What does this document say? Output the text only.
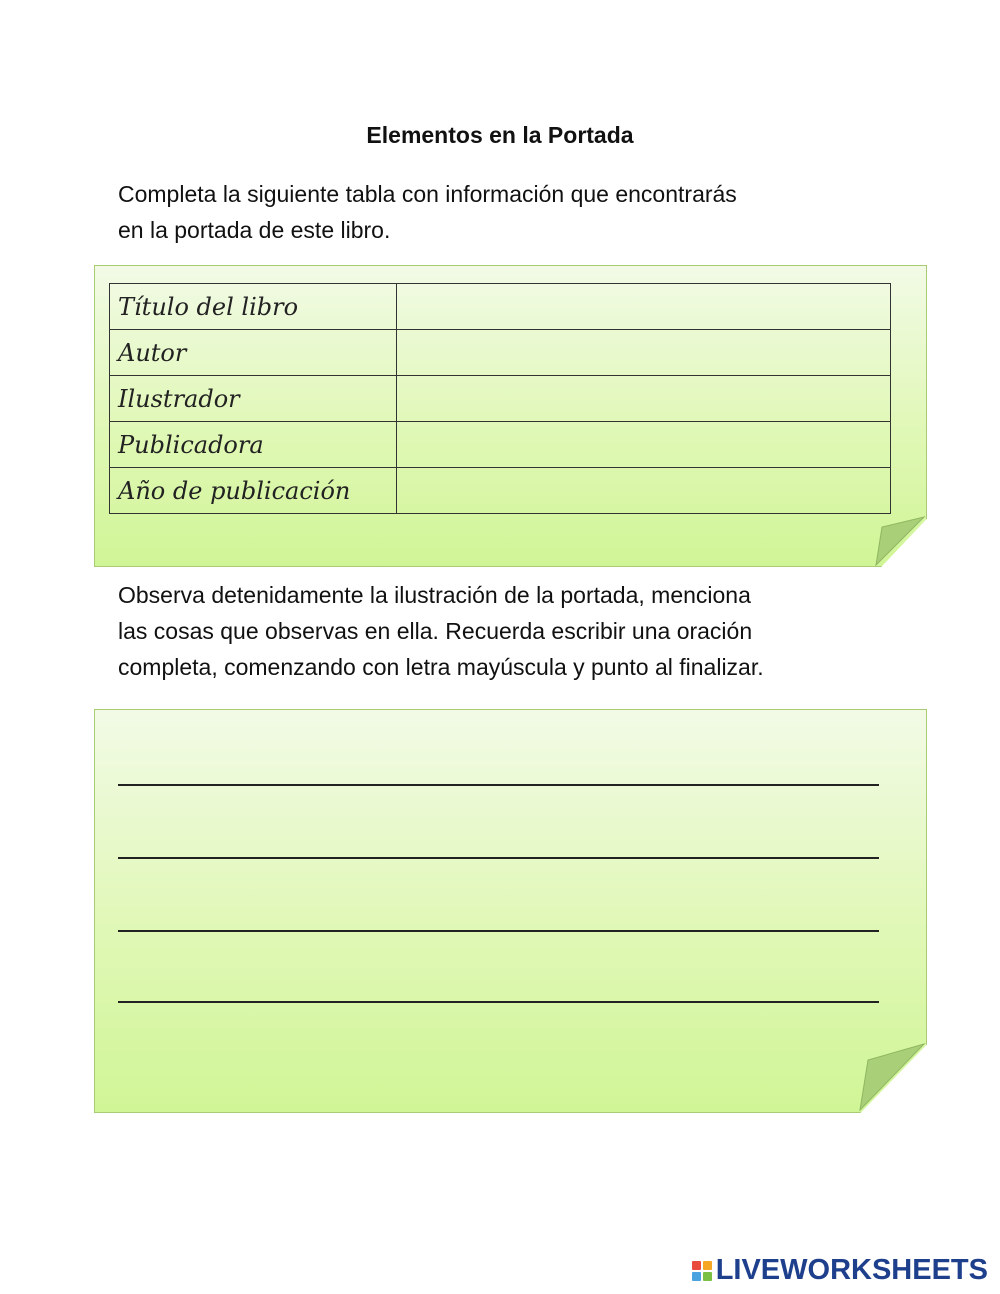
Elementos en la Portada
Completa la siguiente tabla con información que encontrarás
en la portada de este libro.
Título del libro	
Autor	
Ilustrador	
Publicadora	
Año de publicación	
Observa detenidamente la ilustración de la portada, menciona
las cosas que observas en ella. Recuerda escribir una oración
completa, comenzando con letra mayúscula y punto al finalizar.
LIVEWORKSHEETS
